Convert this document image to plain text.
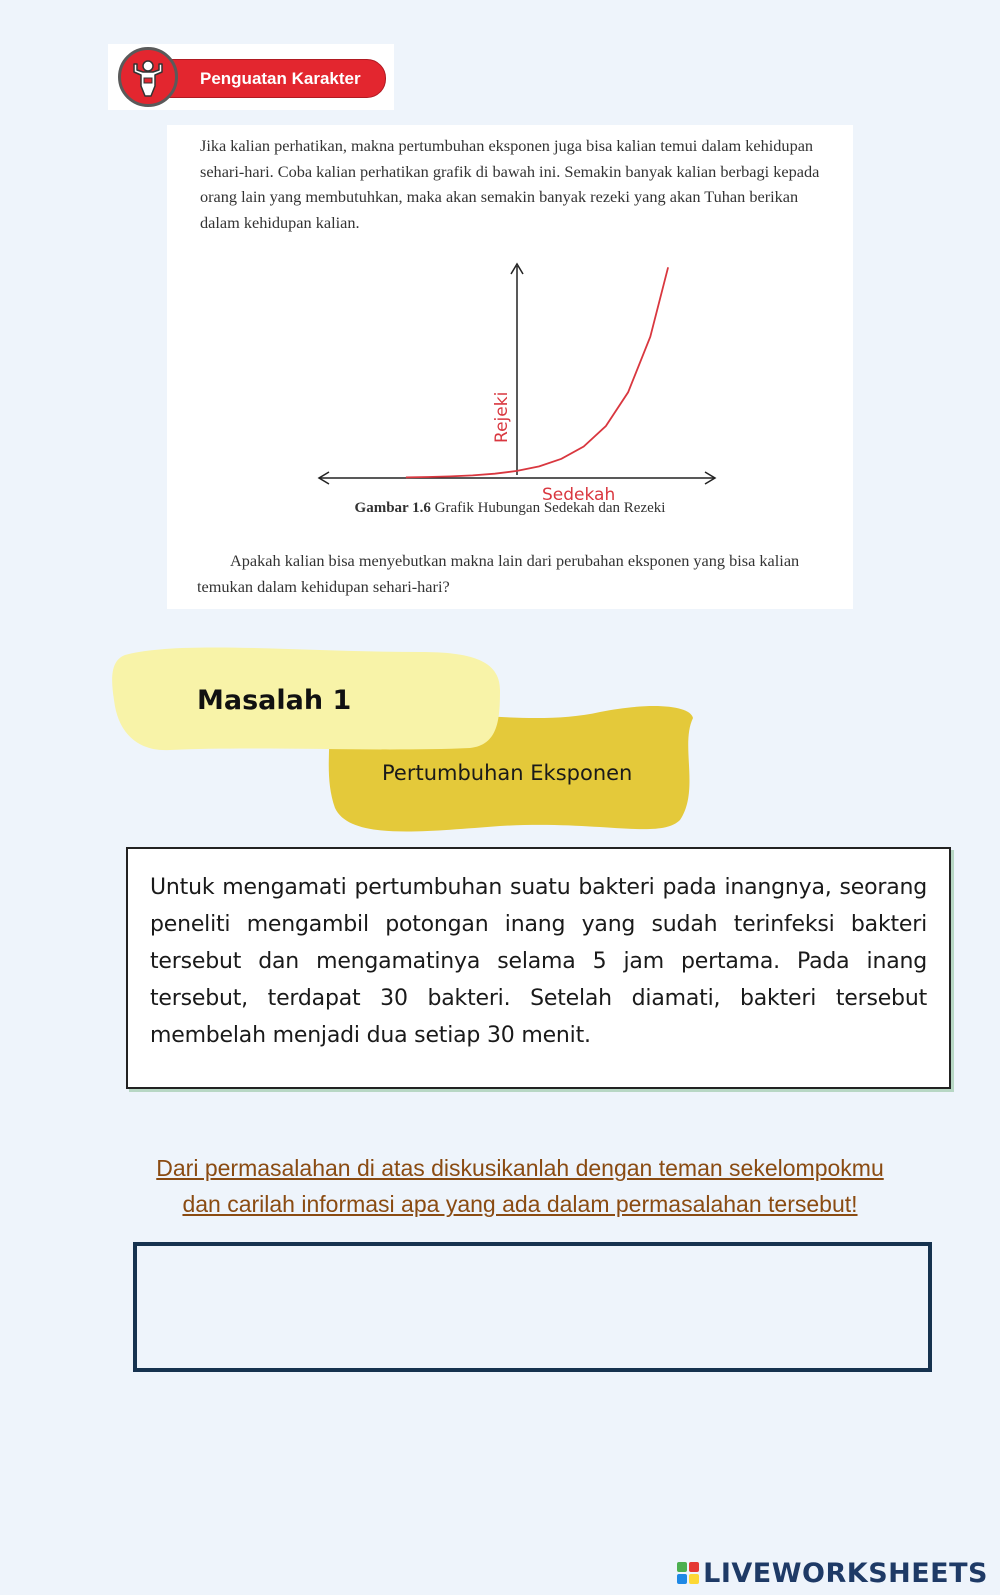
Penguatan Karakter

Jika kalian perhatikan, makna pertumbuhan eksponen juga bisa kalian temui dalam kehidupan sehari-hari. Coba kalian perhatikan grafik di bawah ini. Semakin banyak kalian berbagi kepada orang lain yang membutuhkan, maka akan semakin banyak rezeki yang akan Tuhan berikan dalam kehidupan kalian.

Sedekah
Rejeki
Gambar 1.6 Grafik Hubungan Sedekah dan Rezeki

Apakah kalian bisa menyebutkan makna lain dari perubahan eksponen yang bisa kalian temukan dalam kehidupan sehari-hari?

Masalah 1
Pertumbuhan Eksponen

Untuk mengamati pertumbuhan suatu bakteri pada inangnya, seorang peneliti mengambil potongan inang yang sudah terinfeksi bakteri tersebut dan mengamatinya selama 5 jam pertama. Pada inang tersebut, terdapat 30 bakteri. Setelah diamati, bakteri tersebut membelah menjadi dua setiap 30 menit.

Dari permasalahan di atas diskusikanlah dengan teman sekelompokmu
dan carilah informasi apa yang ada dalam permasalahan tersebut!

LIVEWORKSHEETS
